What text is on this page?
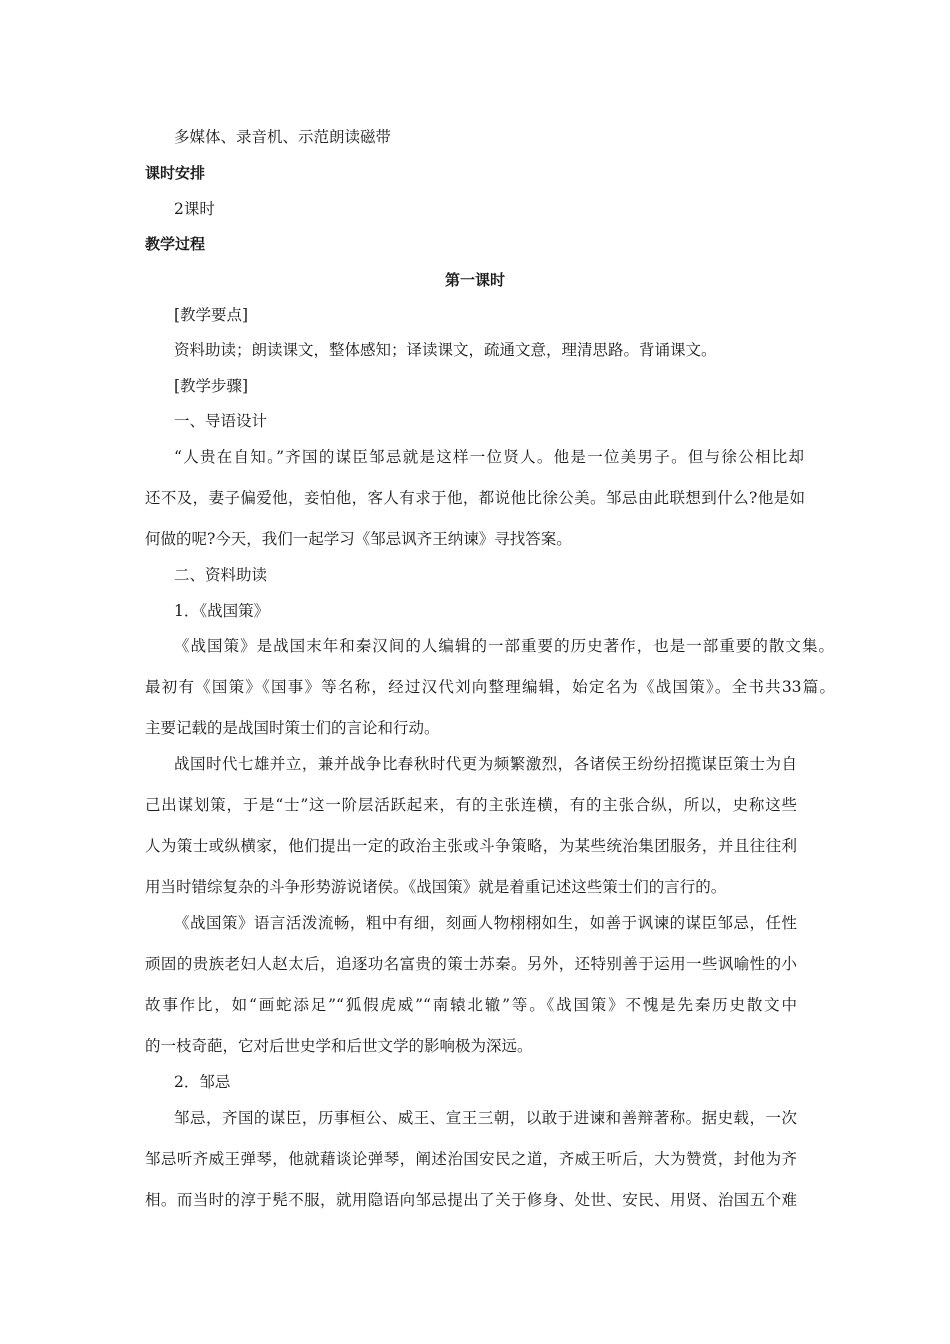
多媒体、录音机、示范朗读磁带
课时安排
2课时
教学过程
第一课时
[教学要点]
资料助读；朗读课文，整体感知；译读课文，疏通文意，理清思路。背诵课文。
[教学步骤]
一、导语设计
“人贵在自知。”齐国的谋臣邹忌就是这样一位贤人。他是一位美男子。但与徐公相比却
还不及，妻子偏爱他，妾怕他，客人有求于他，都说他比徐公美。邹忌由此联想到什么?他是如
何做的呢?今天，我们一起学习《邹忌讽齐王纳谏》寻找答案。
二、资料助读
1．《战国策》
《战国策》是战国末年和秦汉间的人编辑的一部重要的历史著作，也是一部重要的散文集。
最初有《国策》《国事》等名称，经过汉代刘向整理编辑，始定名为《战国策》。全书共33篇。
主要记载的是战国时策士们的言论和行动。
战国时代七雄并立，兼并战争比春秋时代更为频繁激烈，各诸侯王纷纷招揽谋臣策士为自
己出谋划策，于是“士”这一阶层活跃起来，有的主张连横，有的主张合纵，所以，史称这些
人为策士或纵横家，他们提出一定的政治主张或斗争策略，为某些统治集团服务，并且往往利
用当时错综复杂的斗争形势游说诸侯。《战国策》就是着重记述这些策士们的言行的。
《战国策》语言活泼流畅，粗中有细，刻画人物栩栩如生，如善于讽谏的谋臣邹忌，任性
顽固的贵族老妇人赵太后，追逐功名富贵的策士苏秦。另外，还特别善于运用一些讽喻性的小
故事作比，如“画蛇添足”“狐假虎威”“南辕北辙”等。《战国策》不愧是先秦历史散文中
的一枝奇葩，它对后世史学和后世文学的影响极为深远。
2．邹忌
邹忌，齐国的谋臣，历事桓公、威王、宣王三朝，以敢于进谏和善辩著称。据史载，一次
邹忌听齐威王弹琴，他就藉谈论弹琴，阐述治国安民之道，齐威王听后，大为赞赏，封他为齐
相。而当时的淳于髡不服，就用隐语向邹忌提出了关于修身、处世、安民、用贤、治国五个难
